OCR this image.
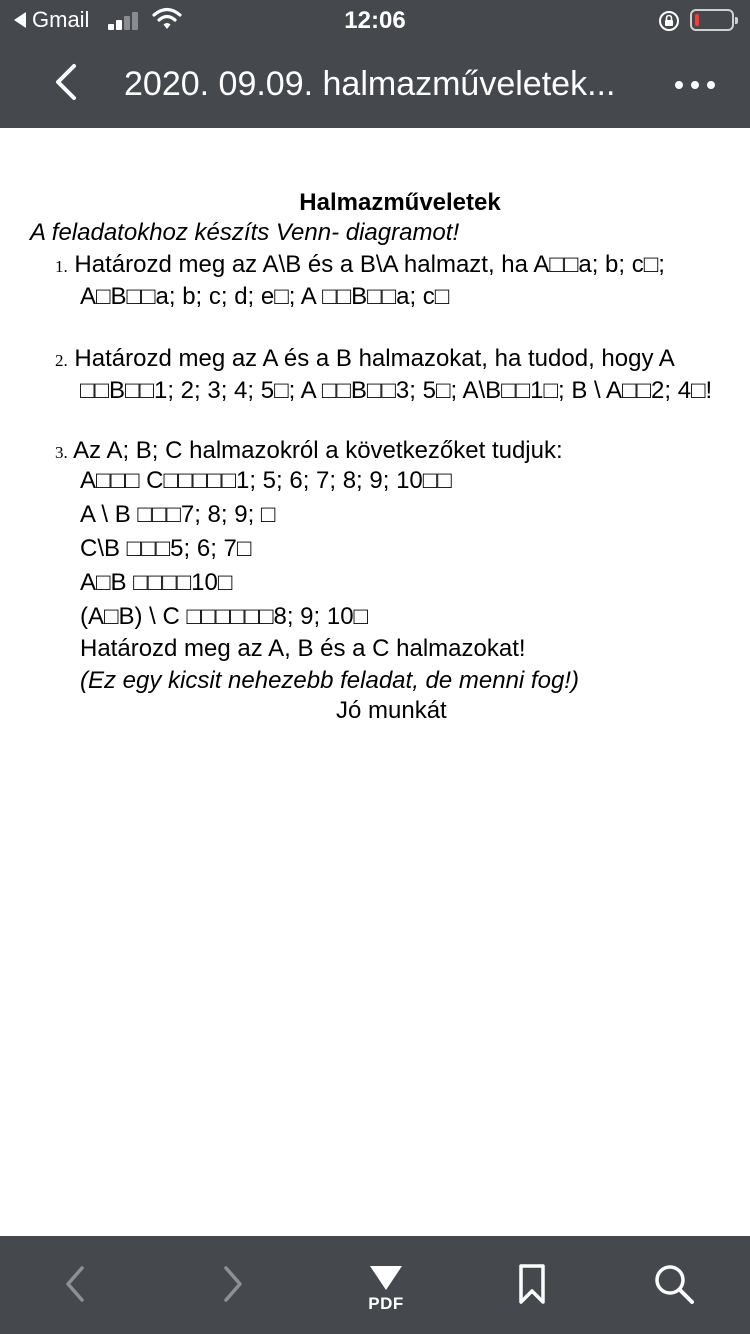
Gmail	12:06
2020. 09.09. halmazműveletek...
Halmazműveletek
A feladatokhoz készíts Venn- diagramot!
1. Határozd meg az A\B és a B\A halmazt, ha A□□a; b; c□;
A□B□□a; b; c; d; e□; A □□B□□a; c□
2. Határozd meg az A és a B halmazokat, ha tudod, hogy A
□□B□□1; 2; 3; 4; 5□; A □□B□□3; 5□; A\B□□1□; B \ A□□2; 4□!
3. Az A; B; C halmazokról a következőket tudjuk:
A□□□ C□□□□□1; 5; 6; 7; 8; 9; 10□□
A \ B □□□7; 8; 9; □
C\B □□□5; 6; 7□
A□B □□□□10□
(A□B) \ C □□□□□□8; 9; 10□
Határozd meg az A, B és a C halmazokat!
(Ez egy kicsit nehezebb feladat, de menni fog!)
Jó munkát
PDF
